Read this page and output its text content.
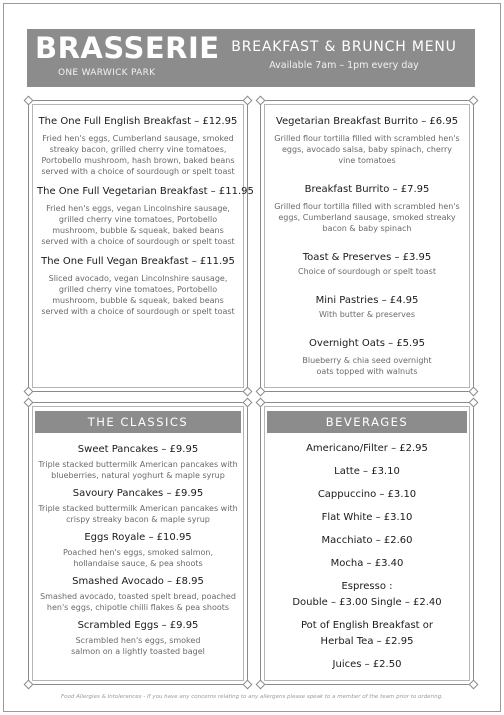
BRASSERIE
ONE WARWICK PARK
BREAKFAST & BRUNCH MENU
Available 7am – 1pm every day
The One Full English Breakfast – £12.95
Fried hen's eggs, Cumberland sausage, smoked streaky bacon, grilled cherry vine tomatoes, Portobello mushroom, hash brown, baked beans served with a choice of sourdough or spelt toast
The One Full Vegetarian Breakfast – £11.95
Fried hen's eggs, vegan Lincolnshire sausage, grilled cherry vine tomatoes, Portobello mushroom, bubble & squeak, baked beans served with a choice of sourdough or spelt toast
The One Full Vegan Breakfast – £11.95
Sliced avocado, vegan Lincolnshire sausage, grilled cherry vine tomatoes, Portobello mushroom, bubble & squeak, baked beans served with a choice of sourdough or spelt toast
Vegetarian Breakfast Burrito – £6.95
Grilled flour tortilla filled with scrambled hen's eggs, avocado salsa, baby spinach, cherry vine tomatoes
Breakfast Burrito – £7.95
Grilled flour tortilla filled with scrambled hen's eggs, Cumberland sausage, smoked streaky bacon & baby spinach
Toast & Preserves – £3.95
Choice of sourdough or spelt toast
Mini Pastries – £4.95
With butter & preserves
Overnight Oats – £5.95
Blueberry & chia seed overnight oats topped with walnuts
THE CLASSICS
Sweet Pancakes – £9.95
Triple stacked buttermilk American pancakes with blueberries, natural yoghurt & maple syrup
Savoury Pancakes – £9.95
Triple stacked buttermilk American pancakes with crispy streaky bacon & maple syrup
Eggs Royale – £10.95
Poached hen's eggs, smoked salmon, hollandaise sauce, & pea shoots
Smashed Avocado – £8.95
Smashed avocado, toasted spelt bread, poached hen's eggs, chipotle chilli flakes & pea shoots
Scrambled Eggs – £9.95
Scrambled hen's eggs, smoked salmon on a lightly toasted bagel
BEVERAGES
Americano/Filter – £2.95
Latte – £3.10
Cappuccino – £3.10
Flat White – £3.10
Macchiato – £2.60
Mocha – £3.40
Espresso :
Double – £3.00 Single – £2.40
Pot of English Breakfast or
Herbal Tea – £2.95
Juices – £2.50
Food Allergies & Intolerances - If you have any concerns relating to any allergens please speak to a member of the team prior to ordering.
